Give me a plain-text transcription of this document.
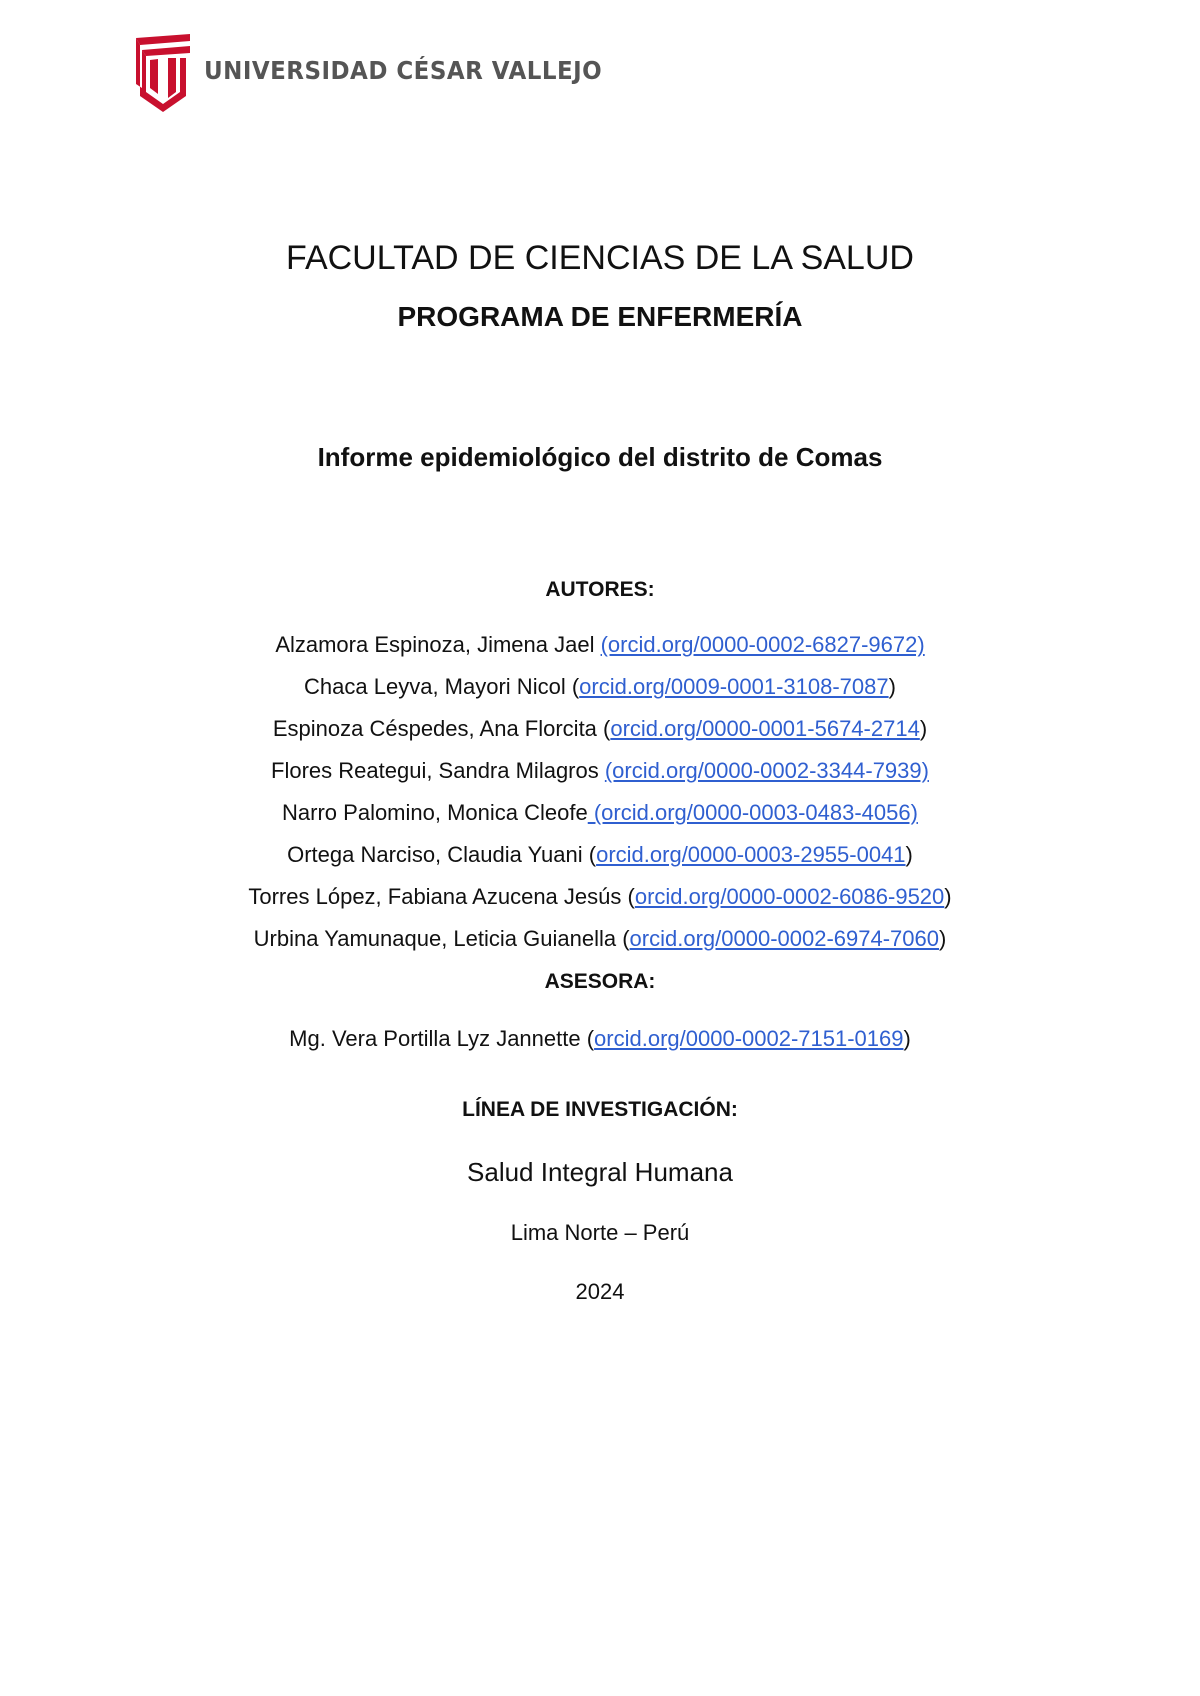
UNIVERSIDAD CÉSAR VALLEJO
FACULTAD DE CIENCIAS DE LA SALUD
PROGRAMA DE ENFERMERÍA
Informe epidemiológico del distrito de Comas
AUTORES:
Alzamora Espinoza, Jimena Jael (orcid.org/0000-0002-6827-9672)
Chaca Leyva, Mayori Nicol (orcid.org/0009-0001-3108-7087)
Espinoza Céspedes, Ana Florcita (orcid.org/0000-0001-5674-2714)
Flores Reategui, Sandra Milagros (orcid.org/0000-0002-3344-7939)
Narro Palomino, Monica Cleofe (orcid.org/0000-0003-0483-4056)
Ortega Narciso, Claudia Yuani (orcid.org/0000-0003-2955-0041)
Torres López, Fabiana Azucena Jesús (orcid.org/0000-0002-6086-9520)
Urbina Yamunaque, Leticia Guianella (orcid.org/0000-0002-6974-7060)
ASESORA:
Mg. Vera Portilla Lyz Jannette (orcid.org/0000-0002-7151-0169)
LÍNEA DE INVESTIGACIÓN:
Salud Integral Humana
Lima Norte – Perú
2024
